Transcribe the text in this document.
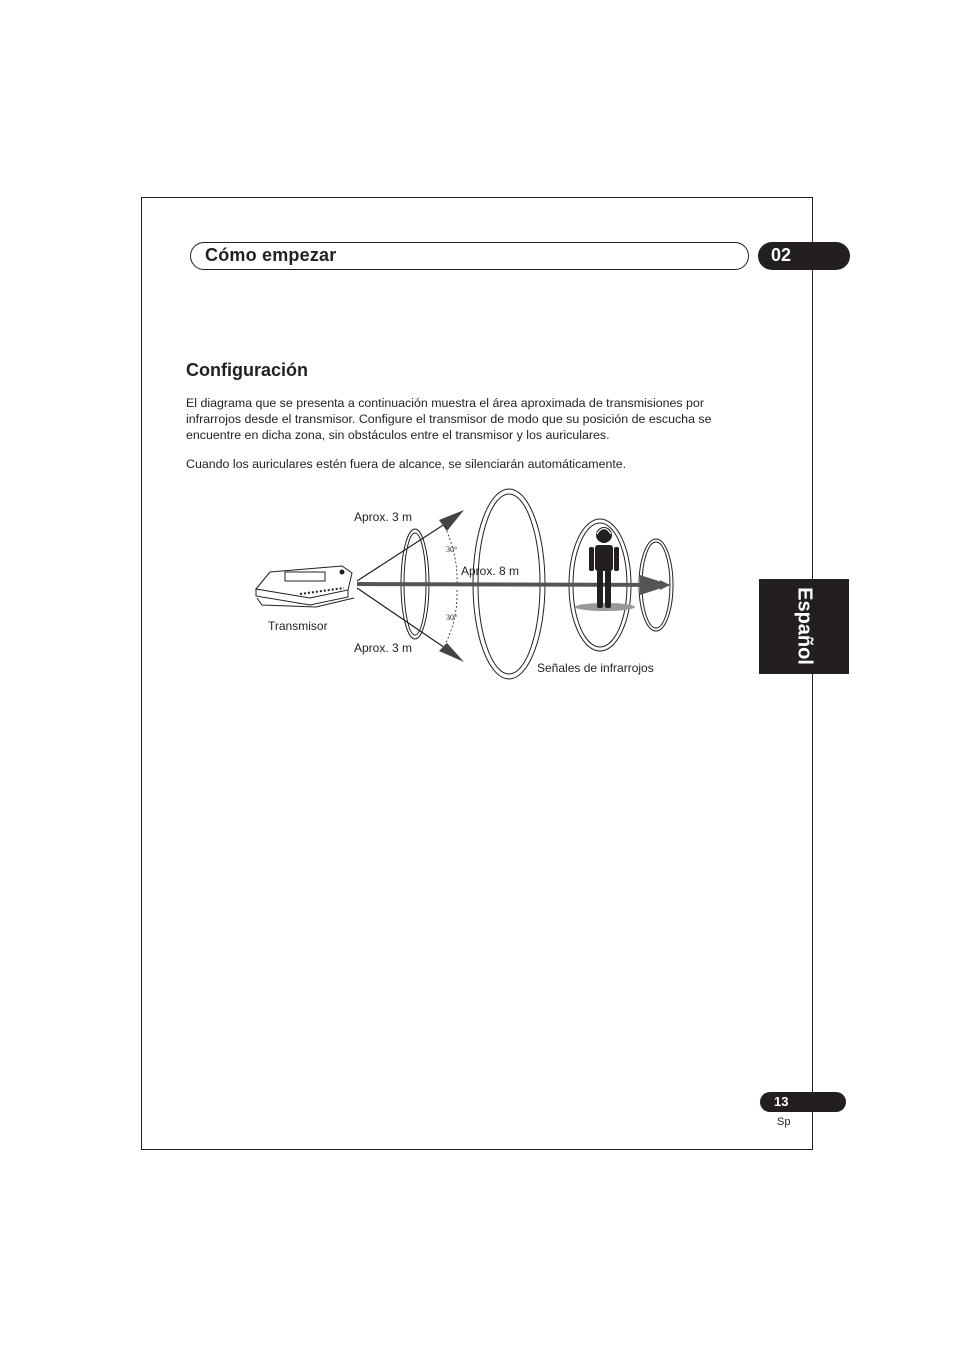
Cómo empezar	02
Configuración

El diagrama que se presenta a continuación muestra el área aproximada de transmisiones por infrarrojos desde el transmisor. Configure el transmisor de modo que su posición de escucha se encuentre en dicha zona, sin obstáculos entre el transmisor y los auriculares.

Cuando los auriculares estén fuera de alcance, se silenciarán automáticamente.

Aprox. 3 m
Aprox. 3 m
Aprox. 8 m
Transmisor
Señales de infrarrojos
30°
30°	Español
13
Sp
